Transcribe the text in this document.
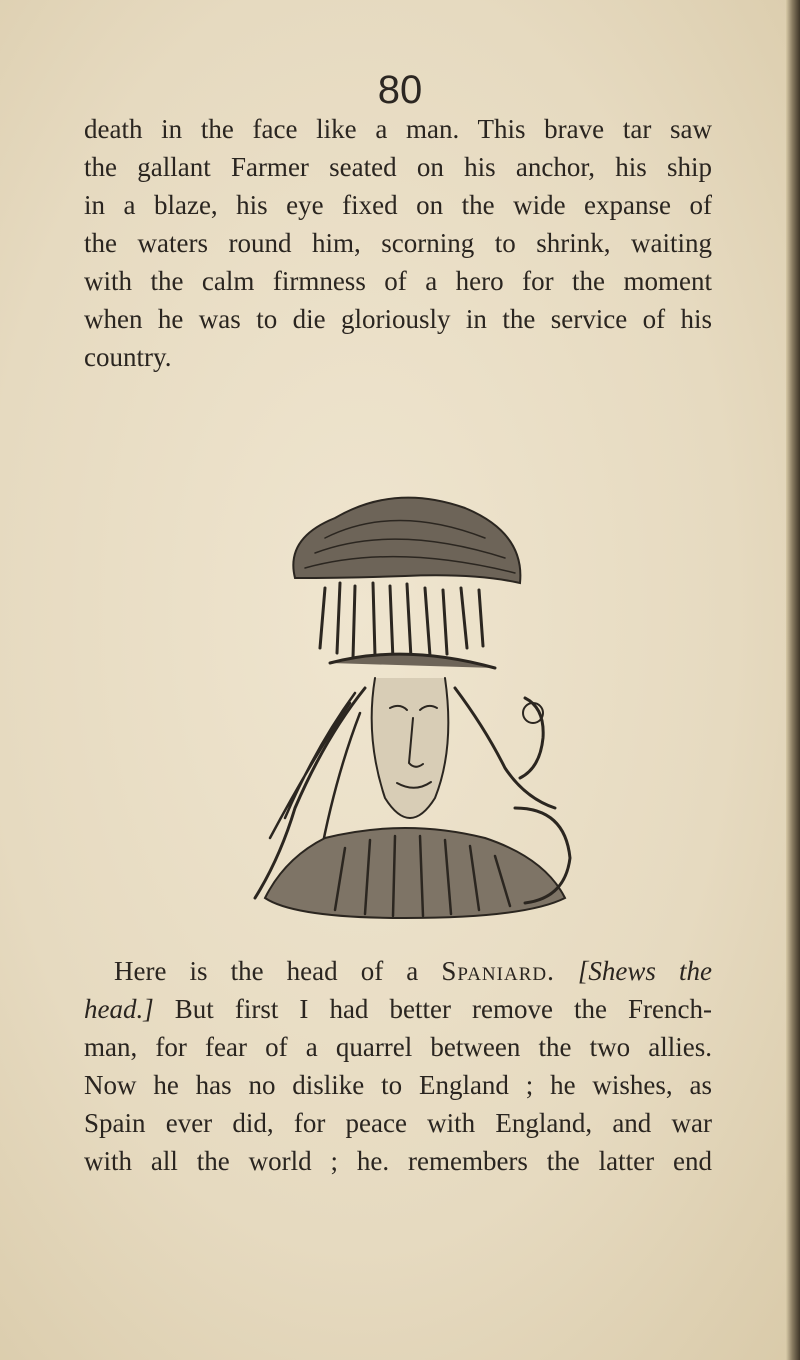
80

death in the face like a man. This brave tar saw
the gallant Farmer seated on his anchor, his ship
in a blaze, his eye fixed on the wide expanse of
the waters round him, scorning to shrink, waiting
with the calm firmness of a hero for the moment
when he was to die gloriously in the service of his
country.

Here is the head of a Spaniard. [Shews the
head.] But first I had better remove the French-
man, for fear of a quarrel between the two allies.
Now he has no dislike to England ; he wishes, as
Spain ever did, for peace with England, and war
with all the world ; he. remembers the latter end
